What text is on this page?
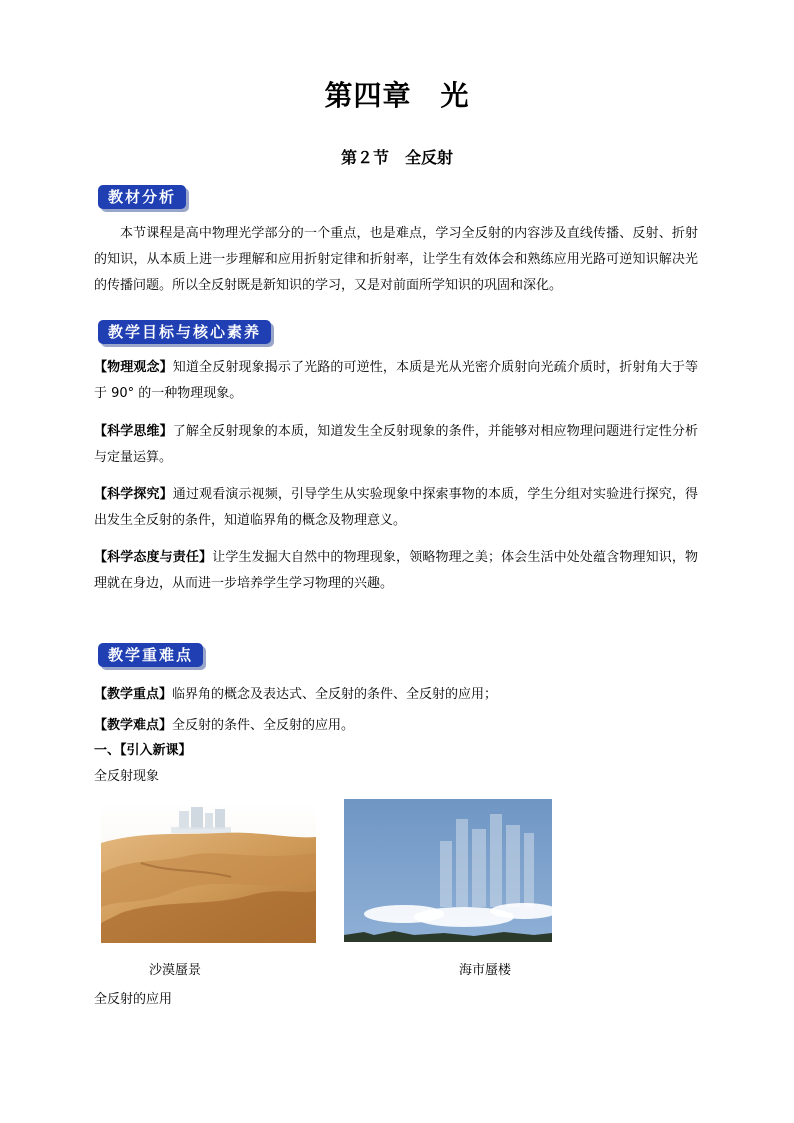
第四章　光
第２节　全反射
教材分析
本节课程是高中物理光学部分的一个重点，也是难点，学习全反射的内容涉及直线传播、反射、折射的知识，从本质上进一步理解和应用折射定律和折射率，让学生有效体会和熟练应用光路可逆知识解决光的传播问题。所以全反射既是新知识的学习，又是对前面所学知识的巩固和深化。
教学目标与核心素养
【物理观念】知道全反射现象揭示了光路的可逆性，本质是光从光密介质射向光疏介质时，折射角大于等于 90° 的一种物理现象。
【科学思维】了解全反射现象的本质，知道发生全反射现象的条件，并能够对相应物理问题进行定性分析与定量运算。
【科学探究】通过观看演示视频，引导学生从实验现象中探索事物的本质，学生分组对实验进行探究，得出发生全反射的条件，知道临界角的概念及物理意义。
【科学态度与责任】让学生发掘大自然中的物理现象，领略物理之美；体会生活中处处蕴含物理知识，物理就在身边，从而进一步培养学生学习物理的兴趣。
教学重难点
【教学重点】临界角的概念及表达式、全反射的条件、全反射的应用；
【教学难点】全反射的条件、全反射的应用。
一、【引入新课】
全反射现象
沙漠蜃景	海市蜃楼
全反射的应用
